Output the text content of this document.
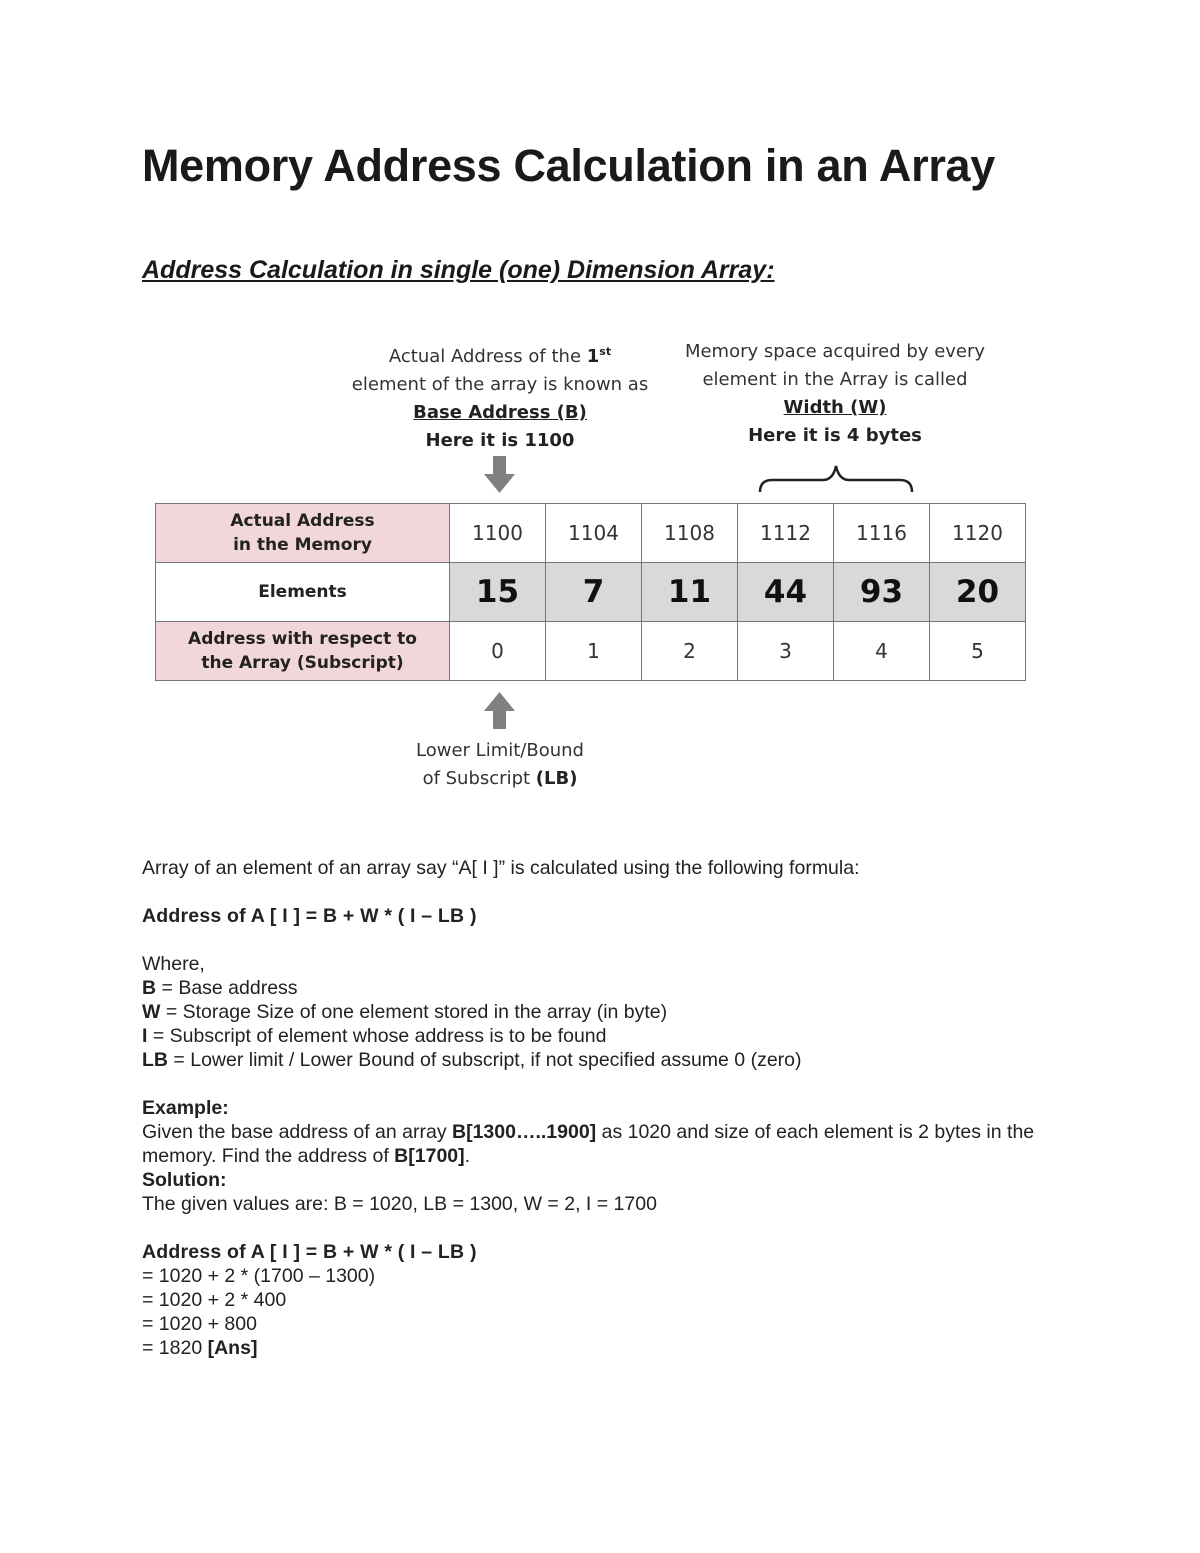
Memory Address Calculation in an Array
Address Calculation in single (one) Dimension Array:
Actual Address of the 1st
element of the array is known as
Base Address (B)
Here it is 1100
Memory space acquired by every
element in the Array is called
Width (W)
Here it is 4 bytes
Actual Address
in the Memory	1100	1104	1108	1112	1116	1120
Elements	15	7	11	44	93	20

Address with respect to
the Array (Subscript)	0	1	2	3	4	5
Lower Limit/Bound
of Subscript (LB)

Array of an element of an array say “A[ I ]” is calculated using the following formula:

Address of A [ I ] = B + W * ( I – LB )

Where,

B = Base address

W = Storage Size of one element stored in the array (in byte)

I = Subscript of element whose address is to be found

LB = Lower limit / Lower Bound of subscript, if not specified assume 0 (zero)

Example:

Given the base address of an array B[1300…..1900] as 1020 and size of each element is 2 bytes in the memory. Find the address of B[1700].

Solution:

The given values are: B = 1020, LB = 1300, W = 2, I = 1700

Address of A [ I ] = B + W * ( I – LB )

= 1020 + 2 * (1700 – 1300)

= 1020 + 2 * 400

= 1020 + 800

= 1820 [Ans]
